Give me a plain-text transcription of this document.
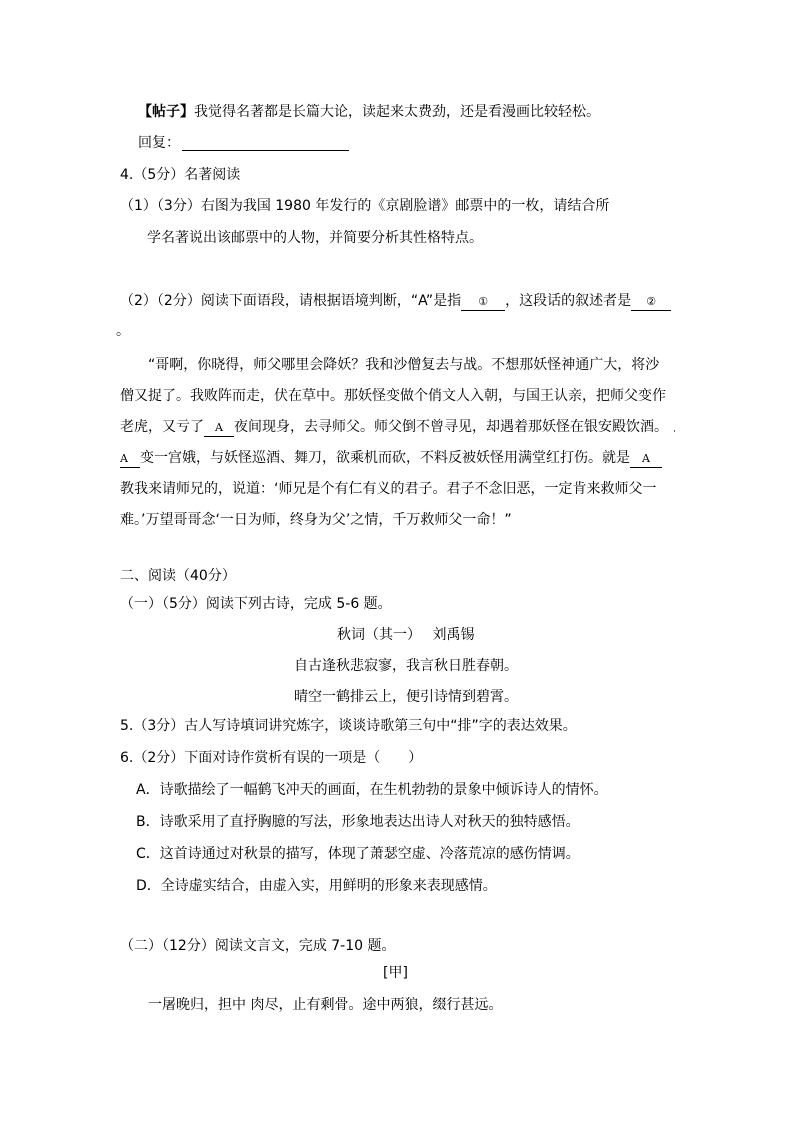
【帖子】我觉得名著都是长篇大论，读起来太费劲，还是看漫画比较轻松。
回复：
4.（5分）名著阅读
（1）（3分）右图为我国 1980 年发行的《京剧脸谱》邮票中的一枚，请结合所
学名著说出该邮票中的人物，并简要分析其性格特点。
（2）（2分）阅读下面语段，请根据语境判断，“A”是指 ① ，这段话的叙述者是 ②
。
“哥啊，你晓得，师父哪里会降妖？我和沙僧复去与战。不想那妖怪神通广大，将沙
僧又捉了。我败阵而走，伏在草中。那妖怪变做个俏文人入朝，与国王认亲，把师父变作
老虎，又亏了 A 夜间现身，去寻师父。师父倒不曾寻见，却遇着那妖怪在银安殿饮酒。
A 变一宫娥，与妖怪巡酒、舞刀，欲乘机而砍，不料反被妖怪用满堂红打伤。就是 A
教我来请师兄的，说道：‘师兄是个有仁有义的君子。君子不念旧恶，一定肯来救师父一
难。’万望哥哥念‘一日为师，终身为父’之情，千万救师父一命！”
二、阅读（40分）
（一）（5分）阅读下列古诗，完成 5-6 题。
秋词（其一）　 刘禹锡
自古逢秋悲寂寥，我言秋日胜春朝。
晴空一鹤排云上，便引诗情到碧霄。
5.（3分）古人写诗填词讲究炼字，谈谈诗歌第三句中“排”字的表达效果。
6.（2分）下面对诗作赏析有误的一项是（　　）
A．诗歌描绘了一幅鹤飞冲天的画面，在生机勃勃的景象中倾诉诗人的情怀。
B．诗歌采用了直抒胸臆的写法，形象地表达出诗人对秋天的独特感悟。
C．这首诗通过对秋景的描写，体现了萧瑟空虚、冷落荒凉的感伤情调。
D．全诗虚实结合，由虚入实，用鲜明的形象来表现感情。
（二）（12分）阅读文言文，完成 7-10 题。
[甲]
一屠晚归，担中 肉尽，止有剩骨。途中两狼，缀行甚远。
